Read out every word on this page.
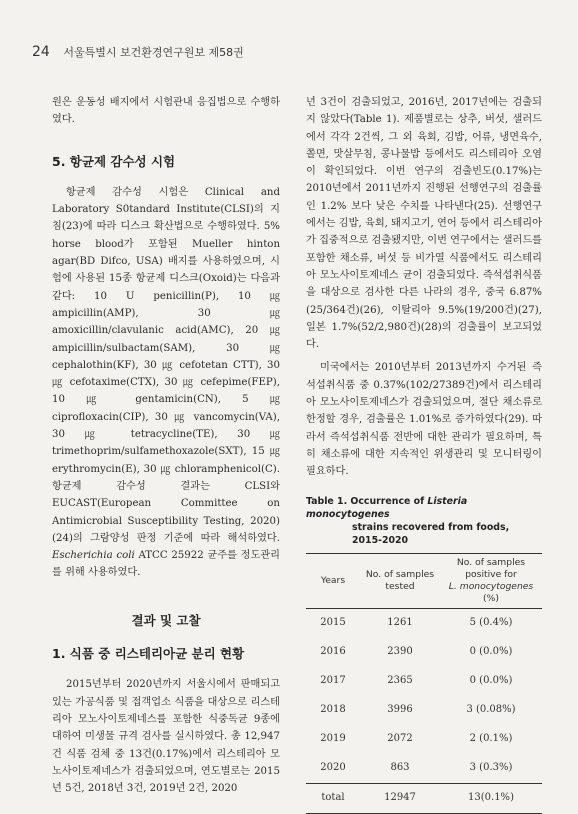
24 서울특별시 보건환경연구원보 제58권

원은 운동성 배지에서 시험관내 응집법으로 수행하였다.

5. 항균제 감수성 시험

항균제 감수성 시험은 Clinical and Laboratory S0tandard Institute(CLSI)의 지침(23)에 따라 디스크 확산법으로 수행하였다. 5% horse blood가 포함된 Mueller hinton agar(BD Difco, USA) 배지를 사용하였으며, 시험에 사용된 15종 항균제 디스크(Oxoid)는 다음과 같다: 10 U penicillin(P), 10 ㎍ ampicillin(AMP), 30 ㎍ amoxicillin/clavulanic acid(AMC), 20 ㎍ ampicillin/sulbactam(SAM), 30 ㎍ cephalothin(KF), 30 ㎍ cefotetan CTT), 30 ㎍ cefotaxime(CTX), 30 ㎍ cefepime(FEP), 10 ㎍ gentamicin(CN), 5 ㎍ ciprofloxacin(CIP), 30 ㎍ vancomycin(VA), 30 ㎍ tetracycline(TE), 30 ㎍ trimethoprim/sulfamethoxazole(SXT), 15 ㎍ erythromycin(E), 30 ㎍ chloramphenicol(C). 항균제 감수성 결과는 CLSI와 EUCAST(European Committee on Antimicrobial Susceptibility Testing, 2020)(24)의 그람양성 판정 기준에 따라 해석하였다. Escherichia coli ATCC 25922 균주를 정도관리를 위해 사용하였다.

결과 및 고찰
1. 식품 중 리스테리아균 분리 현황

2015년부터 2020년까지 서울시에서 판매되고 있는 가공식품 및 접객업소 식품을 대상으로 리스테리아 모노사이토제네스를 포함한 식중독균 9종에 대하여 미생물 규격 검사를 실시하였다. 총 12,947건 식품 검체 중 13건(0.17%)에서 리스테리아 모노사이토제네스가 검출되었으며, 연도별로는 2015년 5건, 2018년 3건, 2019년 2건, 2020

년 3건이 검출되었고, 2016년, 2017년에는 검출되지 않았다(Table 1). 제품별로는 상추, 버섯, 샐러드에서 각각 2건씩, 그 외 육회, 김밥, 어류, 냉면육수, 쫄면, 맛살무침, 콩나물밥 등에서도 리스테리아 오염이 확인되었다. 이번 연구의 검출빈도(0.17%)는 2010년에서 2011년까지 진행된 선행연구의 검출률인 1.2% 보다 낮은 수치를 나타낸다(25). 선행연구에서는 김밥, 육회, 돼지고기, 연어 등에서 리스테리아가 집중적으로 검출됐지만, 이번 연구에서는 샐러드를 포함한 채소류, 버섯 등 비가열 식품에서도 리스테리아 모노사이토제네스 균이 검출되었다. 즉석섭취식품을 대상으로 검사한 다른 나라의 경우, 중국 6.87%(25/364건)(26), 이탈리아 9.5%(19/200건)(27), 일본 1.7%(52/2,980건)(28)의 검출률이 보고되었다.

미국에서는 2010년부터 2013년까지 수거된 즉석섭취식품 중 0.37%(102/27389건)에서 리스테리아 모노사이토제네스가 검출되었으며, 절단 채소류로 한정할 경우, 검출률은 1.01%로 증가하였다(29). 따라서 즉석섭취식품 전반에 대한 관리가 필요하며, 특히 채소류에 대한 지속적인 위생관리 및 모니터링이 필요하다.

Table 1. Occurrence of Listeria monocytogenes
strains recovered from foods, 2015-2020
Years	No. of samples tested	No. of samples positive for
L. monocytogenes (%)
2015	1261	5 (0.4%)
2016	2390	0 (0.0%)
2017	2365	0 (0.0%)
2018	3996	3 (0.08%)
2019	2072	2 (0.1%)
2020	863	3 (0.3%)
total	12947	13(0.1%)
